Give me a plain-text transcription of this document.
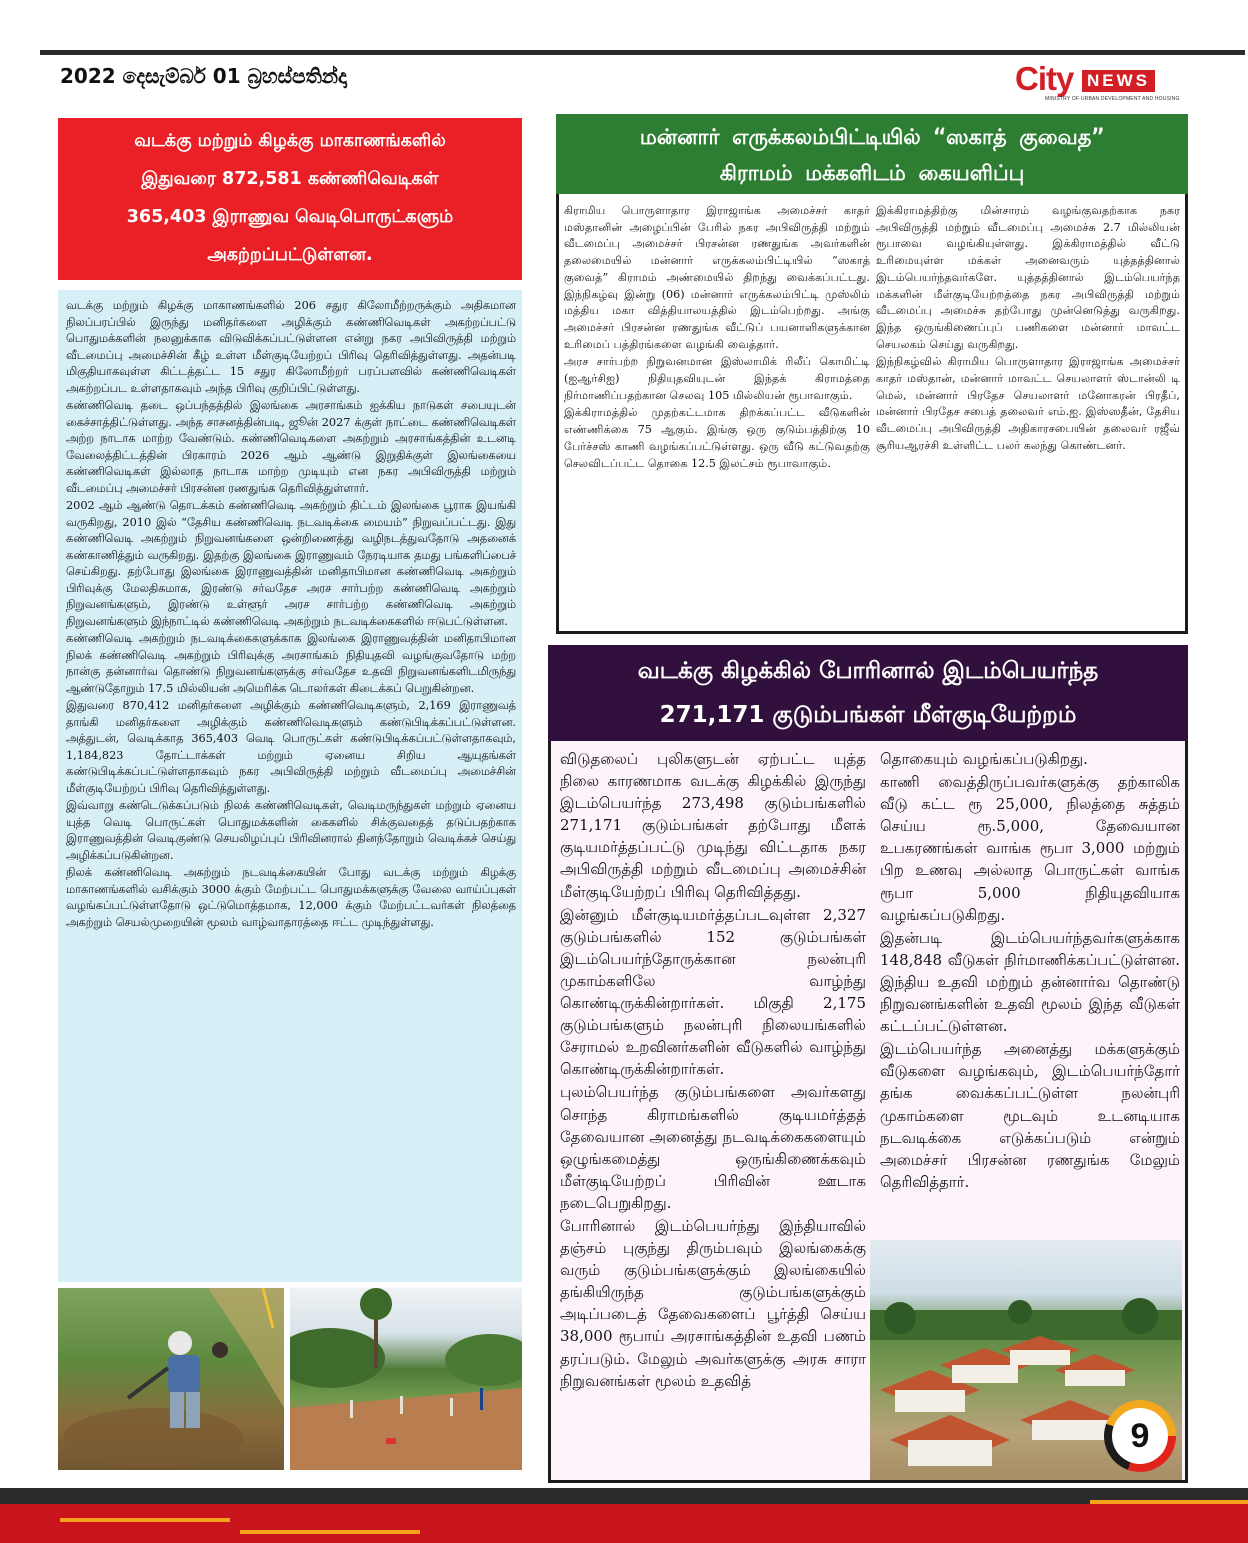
2022 දෙසැම්බර් 01 බ්‍රහස්පතින්දා	City NEWS
MINISTRY OF URBAN DEVELOPMENT AND HOUSING
வடக்கு மற்றும் கிழக்கு மாகாணங்களில்
இதுவரை 872,581 கண்ணிவெடிகள்
365,403 இராணுவ வெடிபொருட்களும்
அகற்றப்பட்டுள்ளன.

வடக்கு மற்றும் கிழக்கு மாகாணங்களில் 206 சதுர கிலோமீற்றருக்கும் அதிகமான நிலப்பரப்பில் இருந்து மனிதர்களை அழிக்கும் கண்ணிவெடிகள் அகற்றப்பட்டு பொதுமக்களின் நலனுக்காக விடுவிக்கப்பட்டுள்ளன என்று நகர அபிவிருத்தி மற்றும் வீடமைப்பு அமைச்சின் கீழ் உள்ள மீள்குடியேற்றப் பிரிவு தெரிவித்துள்ளது. அதன்படி மிகுதியாகவுள்ள கிட்டத்தட்ட 15 சதுர கிலோமீற்றர் பரப்பளவில் கண்ணிவெடிகள் அகற்றப்பட உள்ளதாகவும் அந்த பிரிவு குறிப்பிட்டுள்ளது.

கண்ணிவெடி தடை ஒப்பந்தத்தில் இலங்கை அரசாங்கம் ஐக்கிய நாடுகள் சபையுடன் கைச்சாத்திட்டுள்ளது. அந்த சாசனத்தின்படி, ஜூன் 2027 க்குள் நாட்டை கண்ணிவெடிகள் அற்ற நாடாக மாற்ற வேண்டும். கண்ணிவெடிகளை அகற்றும் அரசாங்கத்தின் உடனடி வேலைத்திட்டத்தின் பிரகாரம் 2026 ஆம் ஆண்டு இறுதிக்குள் இலங்கையை கண்ணிவெடிகள் இல்லாத நாடாக மாற்ற முடியும் என நகர அபிவிருத்தி மற்றும் வீடமைப்பு அமைச்சர் பிரசன்ன ரணதுங்க தெரிவித்துள்ளார்.

2002 ஆம் ஆண்டு தொடக்கம் கண்ணிவெடி அகற்றும் திட்டம் இலங்கை பூராக இயங்கி வருகிறது, 2010 இல் “தேசிய கண்ணிவெடி நடவடிக்கை மையம்” நிறுவப்பட்டது. இது கண்ணிவெடி அகற்றும் நிறுவனங்களை ஒன்றிணைத்து வழிநடத்துவதோடு அதனைக் கண்காணித்தும் வருகிறது. இதற்கு இலங்கை இராணுவம் நேரடியாக தமது பங்களிப்பைச் செய்கிறது. தற்போது இலங்கை இராணுவத்தின் மனிதாபிமான கண்ணிவெடி அகற்றும் பிரிவுக்கு மேலதிகமாக, இரண்டு சர்வதேச அரச சார்பற்ற கண்ணிவெடி அகற்றும் நிறுவனங்களும், இரண்டு உள்ளூர் அரச சார்பற்ற கண்ணிவெடி அகற்றும் நிறுவனங்களும் இந்நாட்டில் கண்ணிவெடி அகற்றும் நடவடிக்கைகளில் ஈடுபட்டுள்ளன.

கண்ணிவெடி அகற்றும் நடவடிக்கைகளுக்காக இலங்கை இராணுவத்தின் மனிதாபிமான நிலக் கண்ணிவெடி அகற்றும் பிரிவுக்கு அரசாங்கம் நிதியுதவி வழங்குவதோடு மற்ற நான்கு தன்னார்வ தொண்டு நிறுவனங்களுக்கு சர்வதேச உதவி நிறுவனங்களிடமிருந்து ஆண்டுதோறும் 17.5 மில்லியன் அமெரிக்க டொலர்கள் கிடைக்கப் பெறுகின்றன.

இதுவரை 870,412 மனிதர்களை அழிக்கும் கண்ணிவெடிகளும், 2,169 இராணுவத் தாங்கி மனிதர்களை அழிக்கும் கண்ணிவெடிகளும் கண்டுபிடிக்கப்பட்டுள்ளன. அத்துடன், வெடிக்காத 365,403 வெடி பொருட்கள் கண்டுபிடிக்கப்பட்டுள்ளதாகவும், 1,184,823 தோட்டாக்கள் மற்றும் ஏனைய சிறிய ஆயுதங்கள் கண்டுபிடிக்கப்பட்டுள்ளதாகவும் நகர அபிவிருத்தி மற்றும் வீடமைப்பு அமைச்சின் மீள்குடியேற்றப் பிரிவு தெரிவித்துள்ளது.

இவ்வாறு கண்டெடுக்கப்படும் நிலக் கண்ணிவெடிகள், வெடிமருந்துகள் மற்றும் ஏனைய யுத்த வெடி பொருட்கள் பொதுமக்களின் கைகளில் சிக்குவதைத் தடுப்பதற்காக இராணுவத்தின் வெடிகுண்டு செயலிழப்புப் பிரிவினரால் தினந்தோறும் வெடிக்கச் செய்து அழிக்கப்படுகின்றன.

நிலக் கண்ணிவெடி அகற்றும் நடவடிக்கையின் போது வடக்கு மற்றும் கிழக்கு மாகாணங்களில் வசிக்கும் 3000 க்கும் மேற்பட்ட பொதுமக்களுக்கு வேலை வாய்ப்புகள் வழங்கப்பட்டுள்ளதோடு ஒட்டுமொத்தமாக, 12,000 க்கும் மேற்பட்டவர்கள் நிலத்தை அகற்றும் செயல்முறையின் மூலம் வாழ்வாதாரத்தை ஈட்ட முடிந்துள்ளது.

மன்னார் எருக்கலம்பிட்டியில் “ஸகாத் குவைத”
கிராமம் மக்களிடம் கையளிப்பு

கிராமிய பொருளாதார இராஜாங்க அமைச்சர் காதர் மஸ்தானின் அழைப்பின் பேரில் நகர அபிவிருத்தி மற்றும் வீடமைப்பு அமைச்சர் பிரசன்ன ரணதுங்க அவர்களின் தலைமையில் மன்னார் எருக்கலம்பிட்டியில் “ஸகாத் குவைத்” கிராமம் அண்மையில் திறந்து வைக்கப்பட்டது. இந்நிகழ்வு இன்று (06) மன்னார் எருக்கலம்பிட்டி முஸ்லிம் மத்திய மகா வித்தியாலயத்தில் இடம்பெற்றது. அங்கு அமைச்சர் பிரசன்ன ரணதுங்க வீட்டுப் பயனாளிகளுக்கான உரிமைப் பத்திரங்களை வழங்கி வைத்தார்.

அரச சார்பற்ற நிறுவனமான இஸ்லாமிக் ரிலீப் கொமிட்டி (ஐஆர்சிஐ) நிதியுதவியுடன் இந்தக் கிராமத்தை நிர்மாணிப்பதற்கான செலவு 105 மில்லியன் ரூபாவாகும்.

இக்கிராமத்தில் முதற்கட்டமாக திறக்கப்பட்ட வீடுகளின் எண்ணிக்கை 75 ஆகும். இங்கு ஒரு குடும்பத்திற்கு 10 பேர்ச்சஸ் காணி வழங்கப்பட்டுள்ளது. ஒரு வீடு கட்டுவதற்கு செலவிடப்பட்ட தொகை 12.5 இலட்சம் ரூபாவாகும்.

இக்கிராமத்திற்கு மின்சாரம் வழங்குவதற்காக நகர அபிவிருத்தி மற்றும் வீடமைப்பு அமைச்சு 2.7 மில்லியன் ரூபாவை வழங்கியுள்ளது. இக்கிராமத்தில் வீட்டு உரிமையுள்ள மக்கள் அனைவரும் யுத்தத்தினால் இடம்பெயர்ந்தவர்களே. யுத்தத்தினால் இடம்பெயர்ந்த மக்களின் மீள்குடியேற்றத்தை நகர அபிவிருத்தி மற்றும் வீடமைப்பு அமைச்சு தற்போது முன்னெடுத்து வருகிறது. இந்த ஒருங்கிணைப்புப் பணிகளை மன்னார் மாவட்ட செயலகம் செய்து வருகிறது.

இந்நிகழ்வில் கிராமிய பொருளாதார இராஜாங்க அமைச்சர் காதர் மஸ்தான், மன்னார் மாவட்ட செயலாளர் ஸ்டான்லி டி மெல், மன்னார் பிரதேச செயலாளர் மனோகரன் பிரதீப், மன்னார் பிரதேச சபைத் தலைவர் எம்.ஐ. இஸ்ஸதீன், தேசிய வீடமைப்பு அபிவிருத்தி அதிகாரசபையின் தலைவர் ரஜீவ் சூரியஆரச்சி உள்ளிட்ட பலர் கலந்து கொண்டனர்.

வடக்கு கிழக்கில் போரினால் இடம்பெயர்ந்த
271,171 குடும்பங்கள் மீள்குடியேற்றம்

விடுதலைப் புலிகளுடன் ஏற்பட்ட யுத்த நிலை காரணமாக வடக்கு கிழக்கில் இருந்து இடம்பெயர்ந்த 273,498 குடும்பங்களில் 271,171 குடும்பங்கள் தற்போது மீளக் குடியமர்த்தப்பட்டு முடிந்து விட்டதாக நகர அபிவிருத்தி மற்றும் வீடமைப்பு அமைச்சின் மீள்குடியேற்றப் பிரிவு தெரிவித்தது.

இன்னும் மீள்குடியமர்த்தப்படவுள்ள 2,327 குடும்பங்களில் 152 குடும்பங்கள் இடம்பெயர்ந்தோருக்கான நலன்புரி முகாம்களிலே வாழ்ந்து கொண்டிருக்கின்றார்கள். மிகுதி 2,175 குடும்பங்களும் நலன்புரி நிலையங்களில் சேராமல் உறவினர்களின் வீடுகளில் வாழ்ந்து கொண்டிருக்கின்றார்கள்.

புலம்பெயர்ந்த குடும்பங்களை அவர்களது சொந்த கிராமங்களில் குடியமர்த்தத் தேவையான அனைத்து நடவடிக்கைகளையும் ஒழுங்கமைத்து ஒருங்கிணைக்கவும் மீள்குடியேற்றப் பிரிவின் ஊடாக நடைபெறுகிறது.

போரினால் இடம்பெயர்ந்து இந்தியாவில் தஞ்சம் புகுந்து திரும்பவும் இலங்கைக்கு வரும் குடும்பங்களுக்கும் இலங்கையில் தங்கியிருந்த குடும்பங்களுக்கும் அடிப்படைத் தேவைகளைப் பூர்த்தி செய்ய 38,000 ரூபாய் அரசாங்கத்தின் உதவி பணம் தரப்படும். மேலும் அவர்களுக்கு அரசு சாரா நிறுவனங்கள் மூலம் உதவித்

தொகையும் வழங்கப்படுகிறது.

காணி வைத்திருப்பவர்களுக்கு தற்காலிக வீடு கட்ட ரூ 25,000, நிலத்தை சுத்தம் செய்ய ரூ.5,000, தேவையான உபகரணங்கள் வாங்க ரூபா 3,000 மற்றும் பிற உணவு அல்லாத பொருட்கள் வாங்க ரூபா 5,000 நிதியுதவியாக வழங்கப்படுகிறது.

இதன்படி இடம்பெயர்ந்தவர்களுக்காக 148,848 வீடுகள் நிர்மாணிக்கப்பட்டுள்ளன. இந்திய உதவி மற்றும் தன்னார்வ தொண்டு நிறுவனங்களின் உதவி மூலம் இந்த வீடுகள் கட்டப்பட்டுள்ளன.

இடம்பெயர்ந்த அனைத்து மக்களுக்கும் வீடுகளை வழங்கவும், இடம்பெயர்ந்தோர் தங்க வைக்கப்பட்டுள்ள நலன்புரி முகாம்களை மூடவும் உடனடியாக நடவடிக்கை எடுக்கப்படும் என்றும் அமைச்சர் பிரசன்ன ரணதுங்க மேலும் தெரிவித்தார்.

9
